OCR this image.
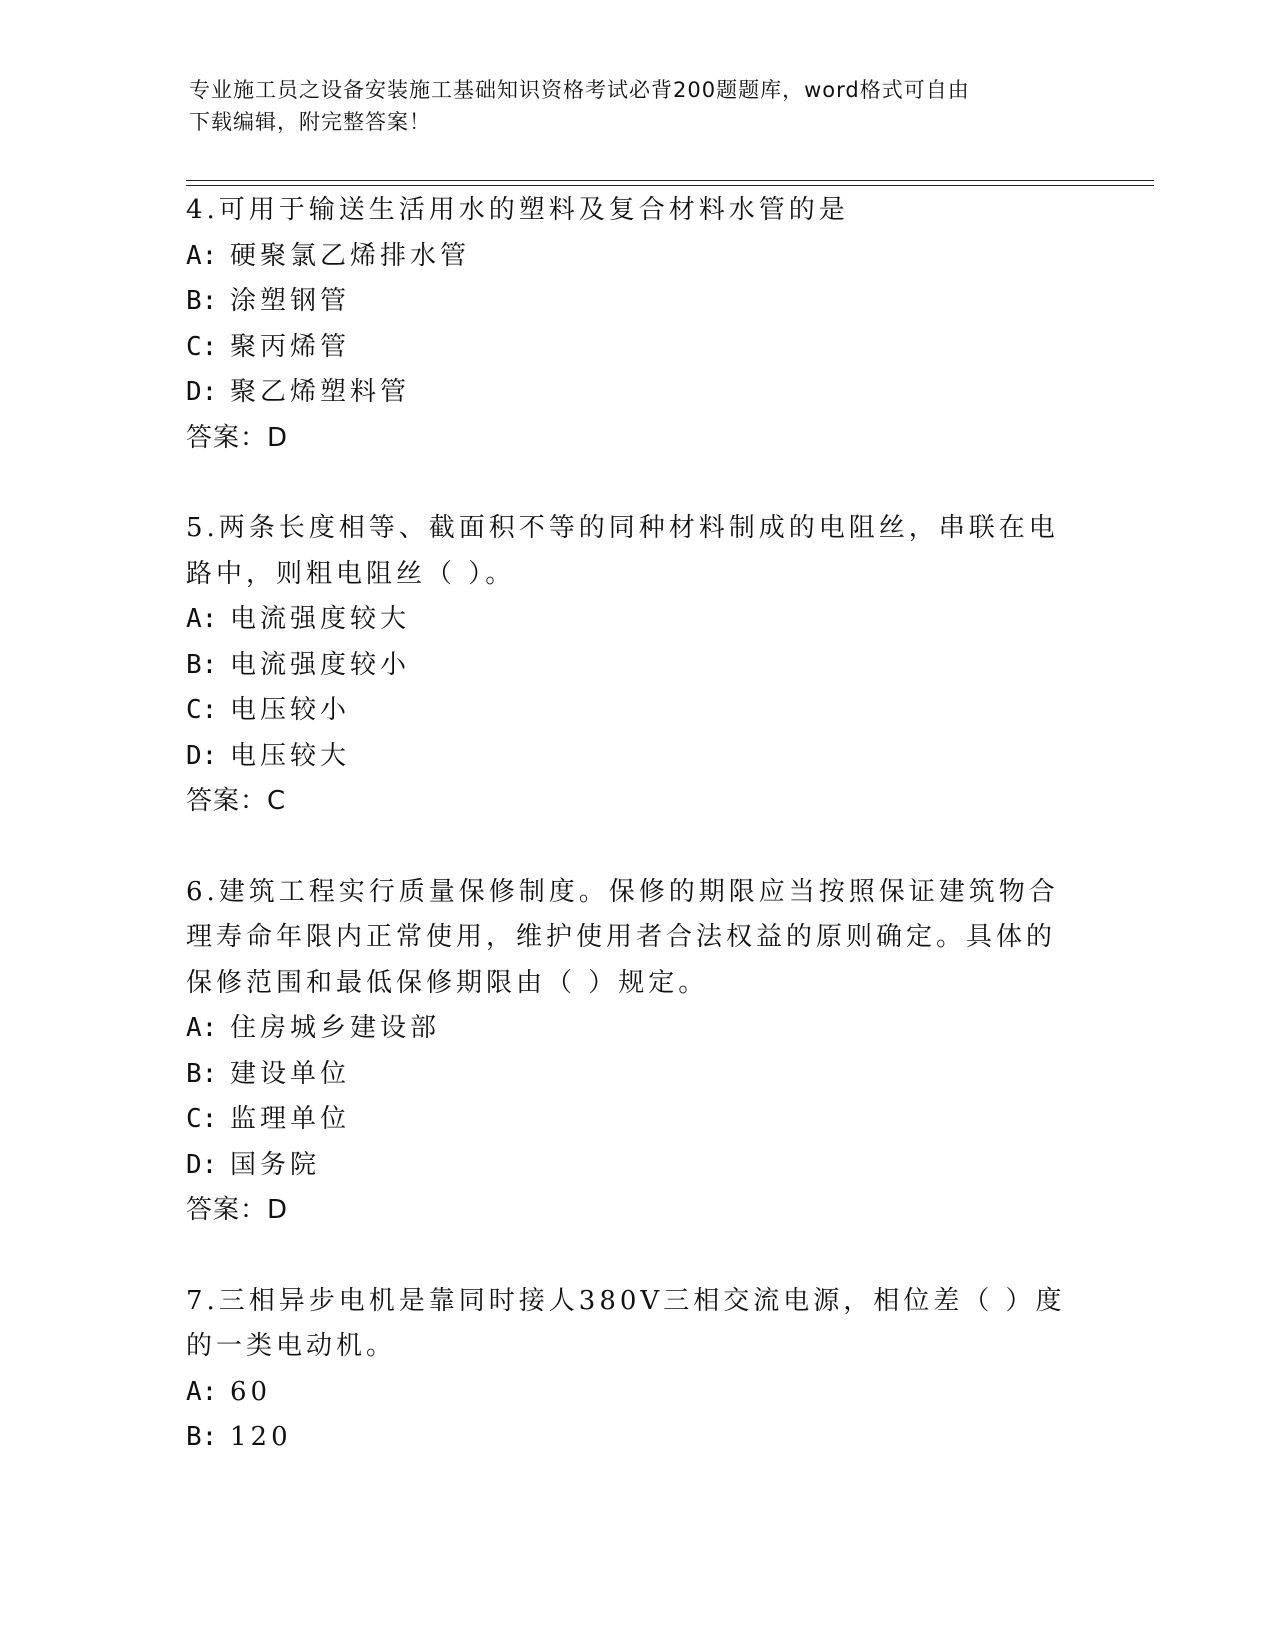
专业施工员之设备安装施工基础知识资格考试必背200题题库，word格式可自由
下载编辑，附完整答案！

4.可用于输送生活用水的塑料及复合材料水管的是

A: 硬聚氯乙烯排水管
B: 涂塑钢管
C: 聚丙烯管
D: 聚乙烯塑料管
答案：D

5.两条长度相等、截面积不等的同种材料制成的电阻丝，串联在电路中，则粗电阻丝（ ）。

A: 电流强度较大
B: 电流强度较小
C: 电压较小
D: 电压较大
答案：C

6.建筑工程实行质量保修制度。保修的期限应当按照保证建筑物合理寿命年限内正常使用，维护使用者合法权益的原则确定。具体的保修范围和最低保修期限由（ ）规定。

A: 住房城乡建设部
B: 建设单位
C: 监理单位
D: 国务院
答案：D

7.三相异步电机是靠同时接人380V三相交流电源，相位差（ ）度的一类电动机。

A: 60
B: 120
